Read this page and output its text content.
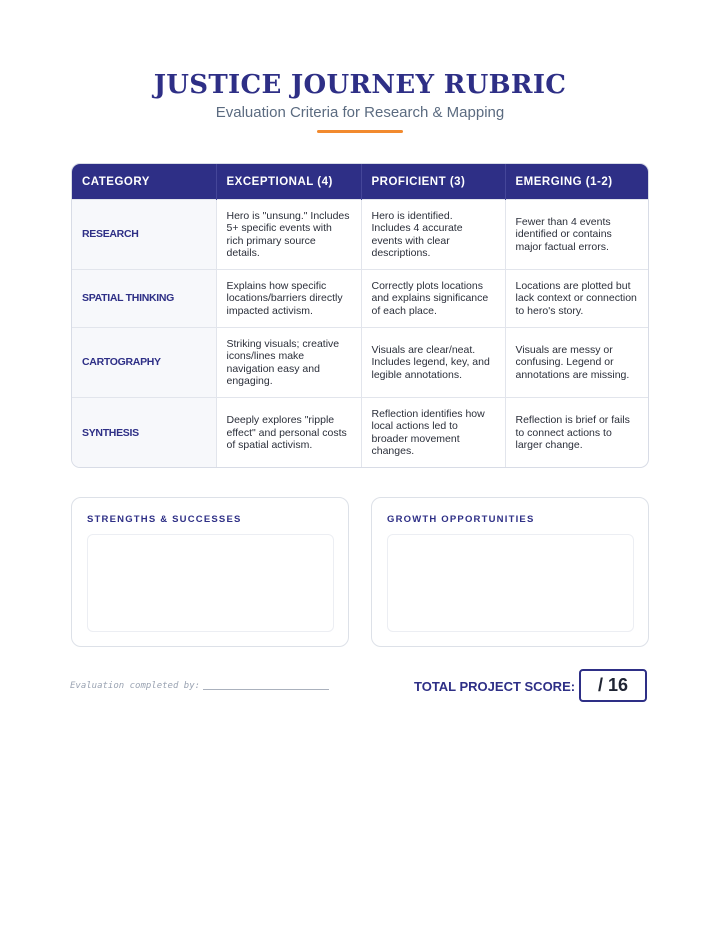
JUSTICE JOURNEY RUBRIC

Evaluation Criteria for Research & Mapping

CATEGORY	EXCEPTIONAL (4)	PROFICIENT (3)	EMERGING (1-2)
RESEARCH	Hero is "unsung." Includes 5+ specific events with rich primary source details.	Hero is identified. Includes 4 accurate events with clear descriptions.	Fewer than 4 events identified or contains major factual errors.
SPATIAL THINKING	Explains how specific locations/barriers directly impacted activism.	Correctly plots locations and explains significance of each place.	Locations are plotted but lack context or connection to hero's story.
CARTOGRAPHY	Striking visuals; creative icons/lines make navigation easy and engaging.	Visuals are clear/neat. Includes legend, key, and legible annotations.	Visuals are messy or confusing. Legend or annotations are missing.
SYNTHESIS	Deeply explores "ripple effect" and personal costs of spatial activism.	Reflection identifies how local actions led to broader movement changes.	Reflection is brief or fails to connect actions to larger change.
STRENGTHS & SUCCESSES	GROWTH OPPORTUNITIES
Evaluation completed by:	TOTAL PROJECT SCORE: / 16
